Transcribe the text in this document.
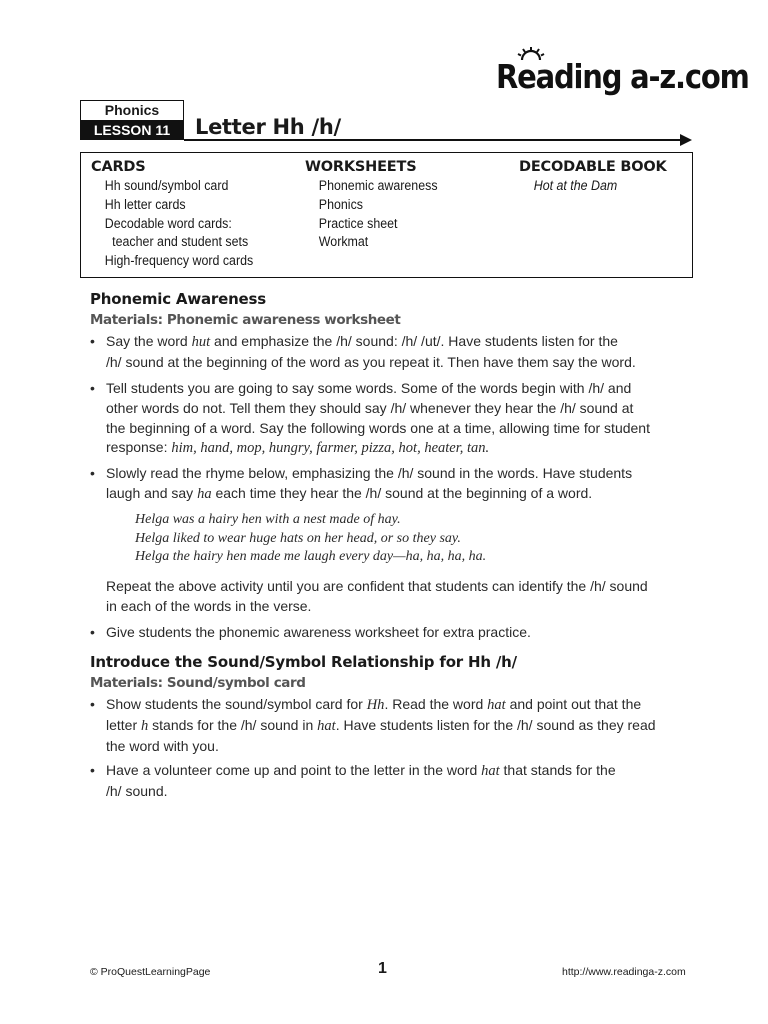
Reading a-z.com
Phonics
LESSON 11	Letter Hh /h/
CARDS
Hh sound/symbol card
Hh letter cards
Decodable word cards:
teacher and student sets
High-frequency word cards
WORKSHEETS
Phonemic awareness
Phonics
Practice sheet
Workmat
DECODABLE BOOK
Hot at the Dam
Phonemic Awareness
Materials: Phonemic awareness worksheet
• Say the word hut and emphasize the /h/ sound: /h/ /ut/. Have students listen for the
/h/ sound at the beginning of the word as you repeat it. Then have them say the word.
• Tell students you are going to say some words. Some of the words begin with /h/ and
other words do not. Tell them they should say /h/ whenever they hear the /h/ sound at
the beginning of a word. Say the following words one at a time, allowing time for student
response: him, hand, mop, hungry, farmer, pizza, hot, heater, tan.
• Slowly read the rhyme below, emphasizing the /h/ sound in the words. Have students
laugh and say ha each time they hear the /h/ sound at the beginning of a word.
Helga was a hairy hen with a nest made of hay.
Helga liked to wear huge hats on her head, or so they say.
Helga the hairy hen made me laugh every day—ha, ha, ha, ha.
Repeat the above activity until you are confident that students can identify the /h/ sound
in each of the words in the verse.
• Give students the phonemic awareness worksheet for extra practice.
Introduce the Sound/Symbol Relationship for Hh /h/
Materials: Sound/symbol card
• Show students the sound/symbol card for Hh. Read the word hat and point out that the
letter h stands for the /h/ sound in hat. Have students listen for the /h/ sound as they read
the word with you.
• Have a volunteer come up and point to the letter in the word hat that stands for the
/h/ sound.
© ProQuestLearningPage	1	http://www.readinga-z.com
